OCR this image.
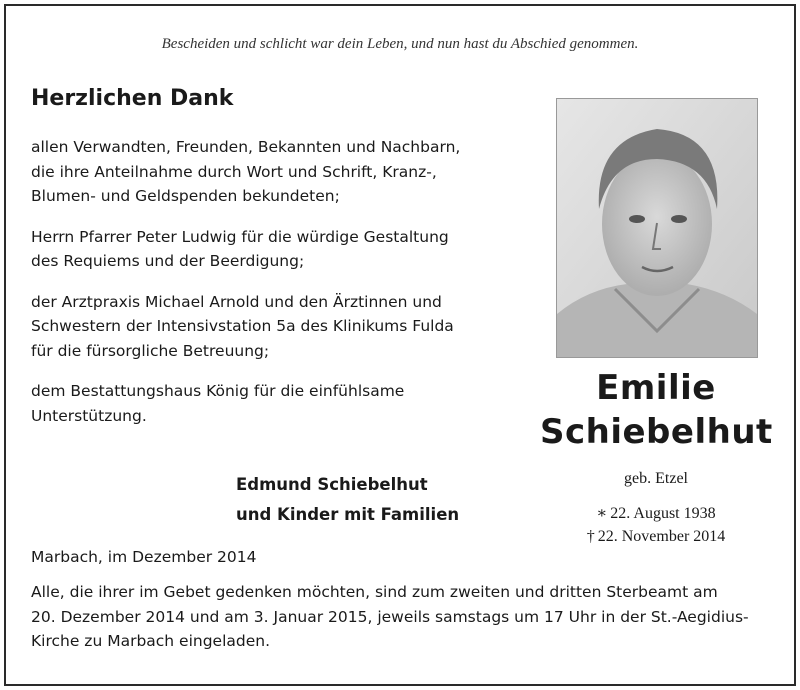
Bescheiden und schlicht war dein Leben, und nun hast du Abschied genommen.
Herzlichen Dank

allen Verwandten, Freunden, Bekannten und Nachbarn,
die ihre Anteilnahme durch Wort und Schrift, Kranz-,
Blumen- und Geldspenden bekundeten;

Herrn Pfarrer Peter Ludwig für die würdige Gestaltung
des Requiems und der Beerdigung;

der Arztpraxis Michael Arnold und den Ärztinnen und
Schwestern der Intensivstation 5a des Klinikums Fulda
für die fürsorgliche Betreuung;

dem Bestattungshaus König für die einfühlsame
Unterstützung.

Edmund Schiebelhut
und Kinder mit Familien
Emilie
Schiebelhut
geb. Etzel
∗ 22. August 1938
† 22. November 2014
Marbach, im Dezember 2014
Alle, die ihrer im Gebet gedenken möchten, sind zum zweiten und dritten Sterbeamt am
20. Dezember 2014 und am 3. Januar 2015, jeweils samstags um 17 Uhr in der St.-Aegidius-
Kirche zu Marbach eingeladen.
